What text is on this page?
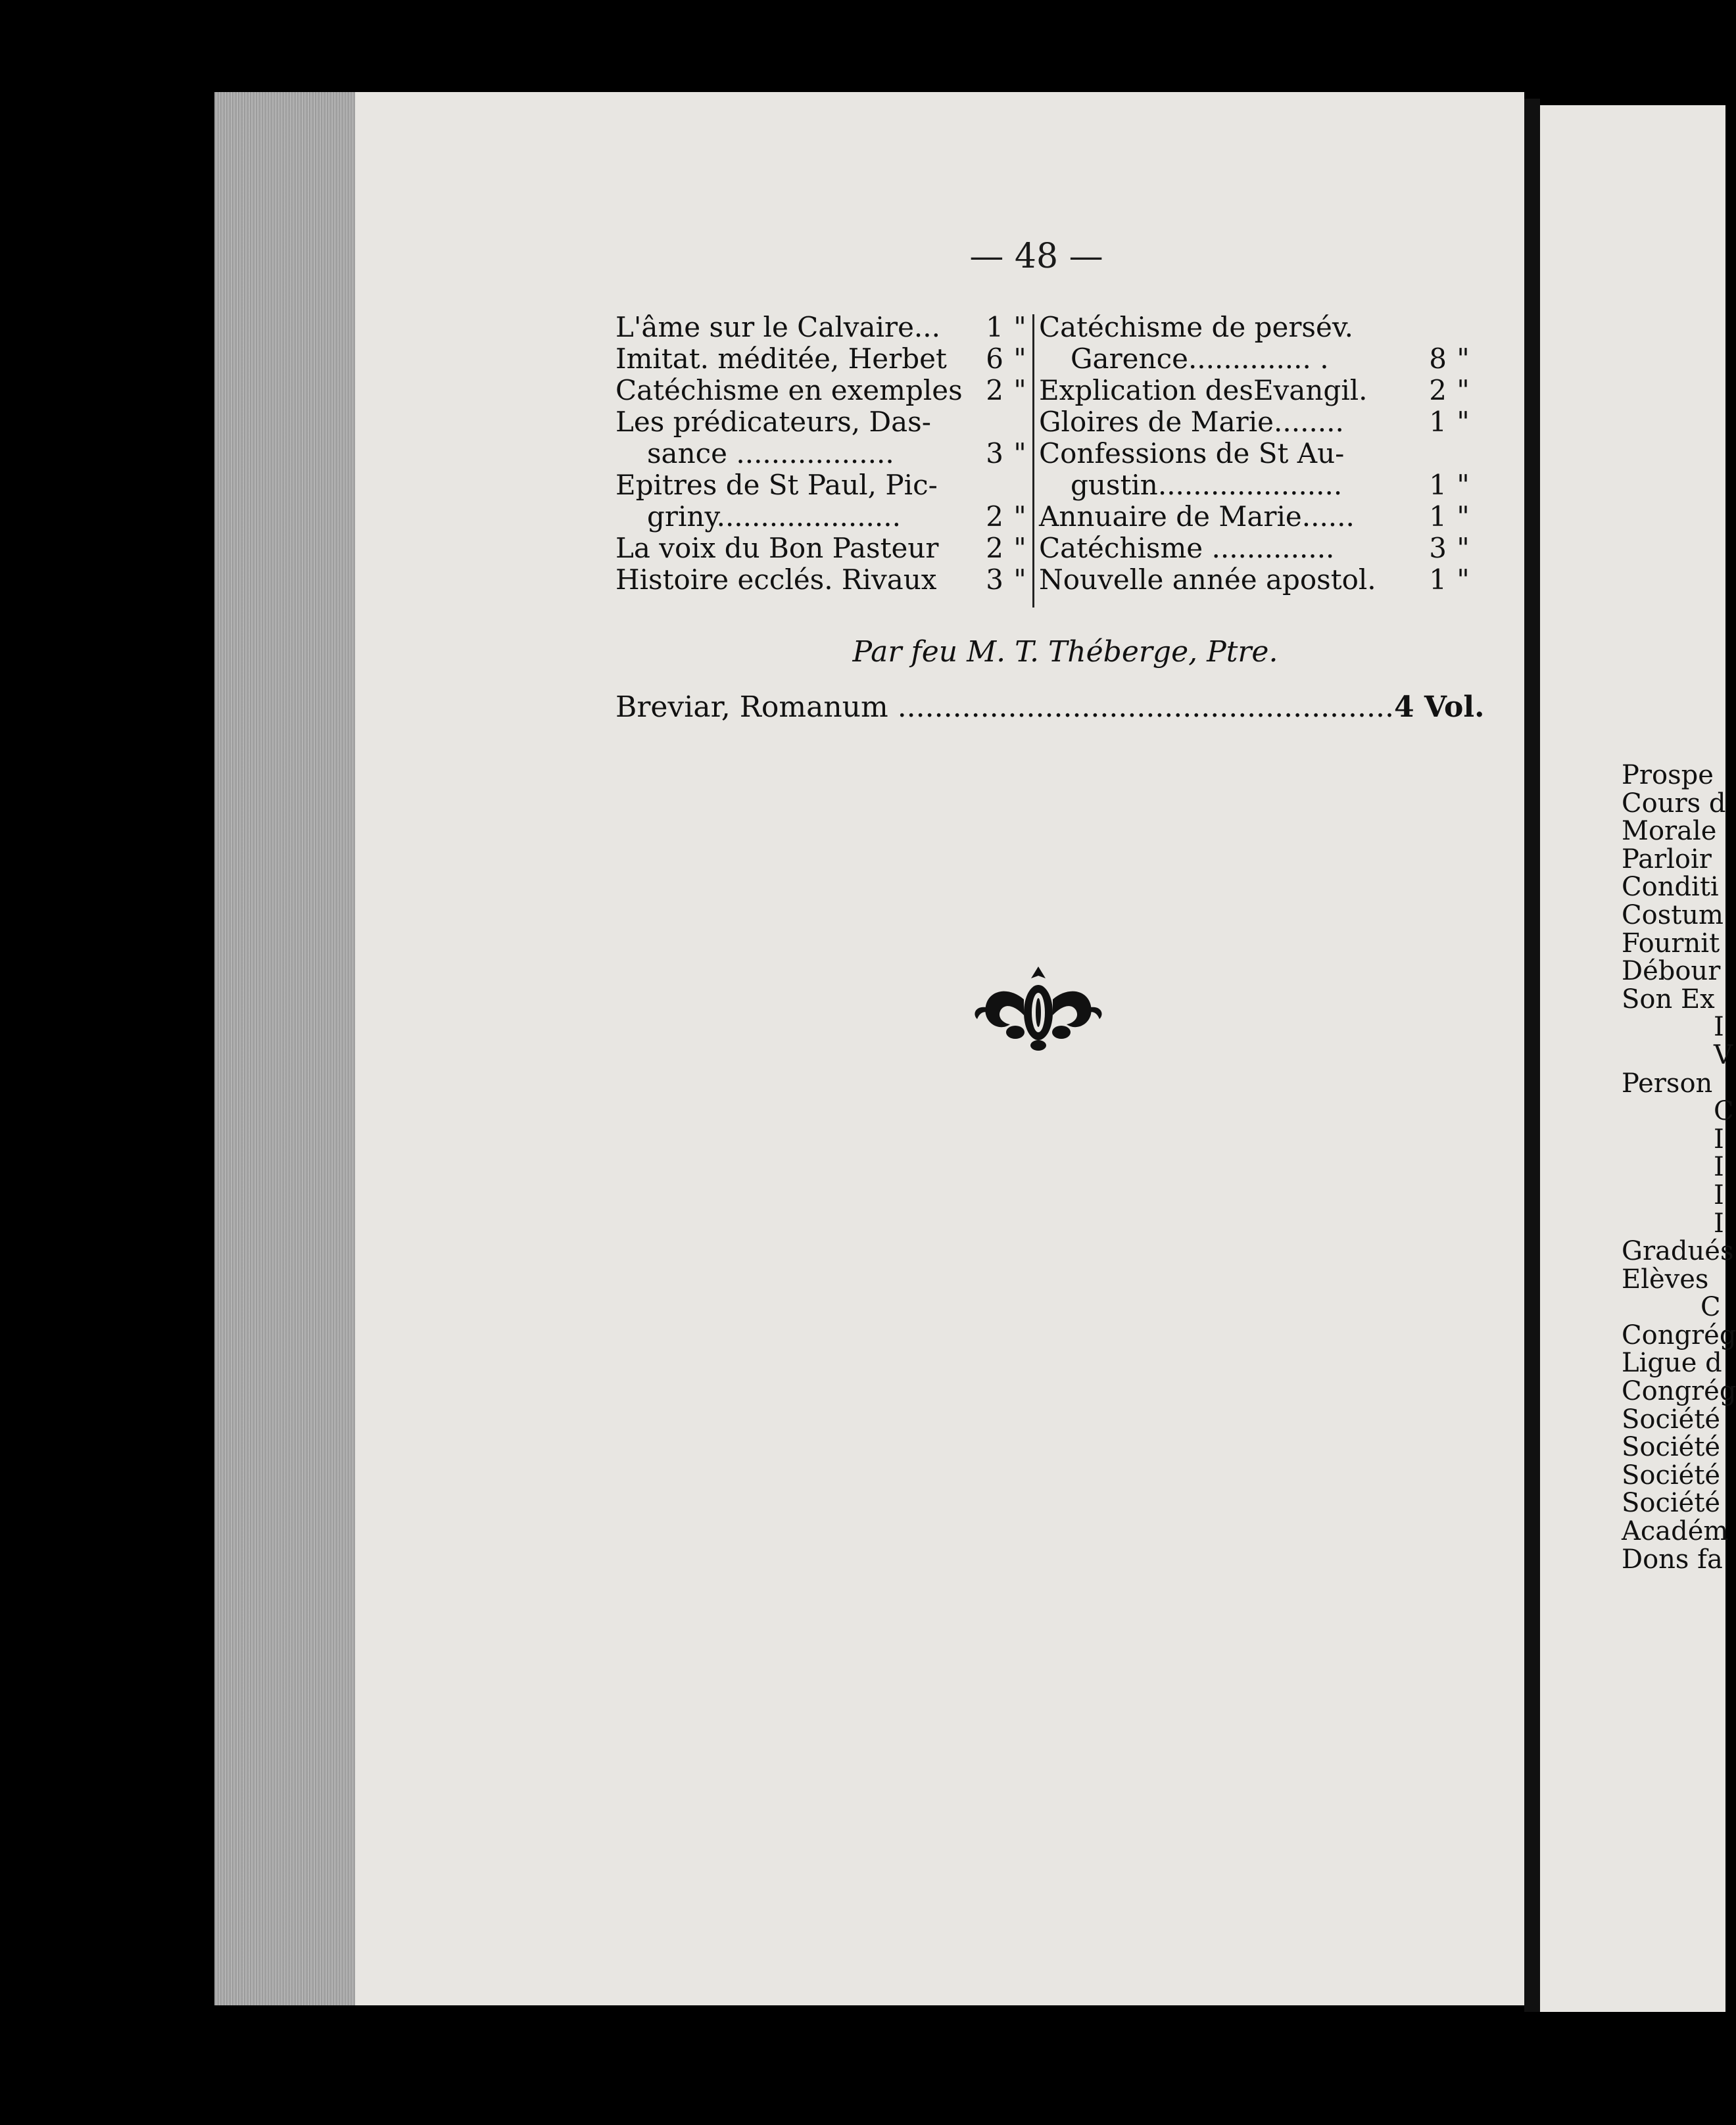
— 48 —
L'âme sur le Calvaire...	1 "
Imitat. méditée, Herbet	6 "
Catéchisme en exemples 2 "
Les prédicateurs, Das-
sance ..................	3 "
Epitres de St Paul, Pic-
griny.....................	2 "
La voix du Bon Pasteur	2 "
Histoire ecclés. Rivaux	3 "
Catéchisme de persév.
Garence.............. .	8 "
Explication desEvangil.	2 "
Gloires de Marie........	1 "
Confessions de St Au-
gustin.....................	1 "
Annuaire de Marie......	1 "
Catéchisme ..............	3 "
Nouvelle année apostol.	1 "
Par feu M. T. Théberge, Ptre.
Breviar, Romanum ...................................................... 4 Vol.
Prospe
Cours d
Morale
Parloir
Conditi
Costum
Fournit
Débour
Son Ex
I
V
Person
C
I
I
I
I
Gradués
Elèves
C
Congrég
Ligue d
Congrég
Société
Société
Société
Société
Académ
Dons fa
